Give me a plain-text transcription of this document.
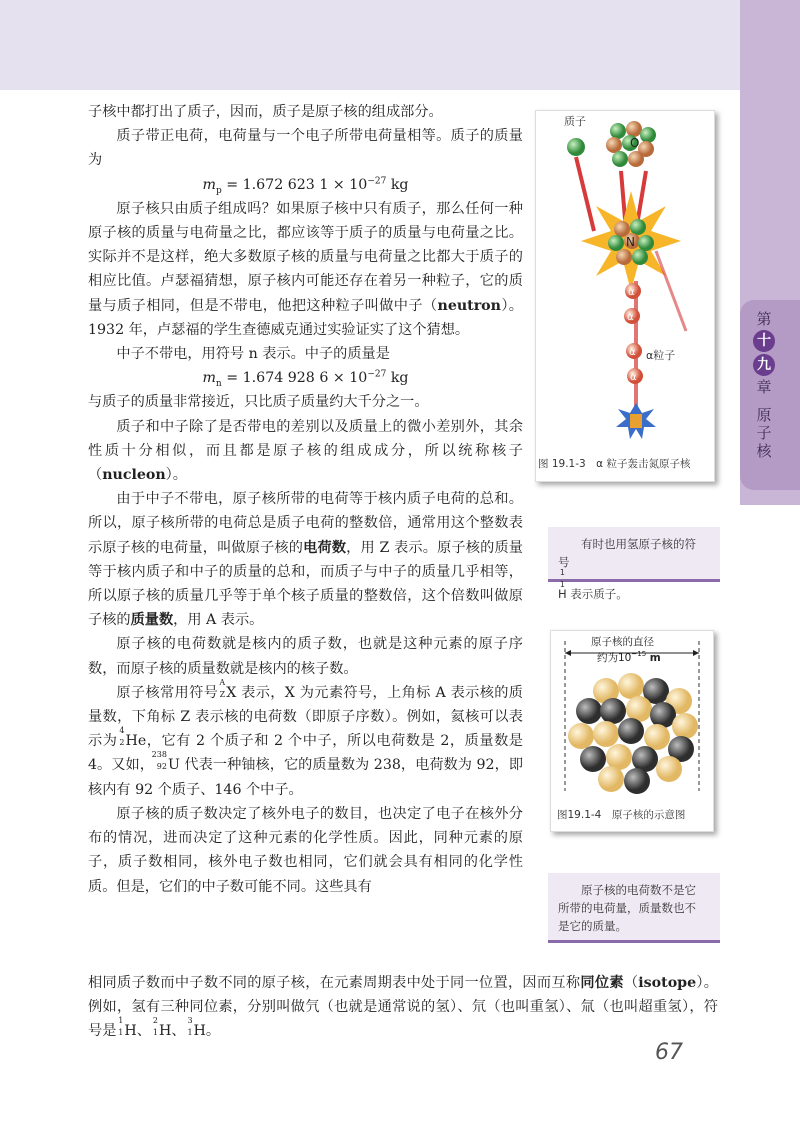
第
十
九
章
原
子
核

子核中都打出了质子，因而，质子是原子核的组成部分。

质子带正电荷，电荷量与一个电子所带电荷量相等。质子的质量为

$m_p = 1.672$ 623 $1 \times 10^{-27}$ kg

原子核只由质子组成吗？如果原子核中只有质子，那么任何一种原子核的质量与电荷量之比，都应该等于质子的质量与电荷量之比。实际并不是这样，绝大多数原子核的质量与电荷量之比都大于质子的相应比值。卢瑟福猜想，原子核内可能还存在着另一种粒子，它的质量与质子相同，但是不带电，他把这种粒子叫做中子（neutron）。1932 年，卢瑟福的学生查德威克通过实验证实了这个猜想。

中子不带电，用符号 n 表示。中子的质量是

$m_n = 1.674$ 928 $6 \times 10^{-27}$ kg

与质子的质量非常接近，只比质子质量约大千分之一。

质子和中子除了是否带电的差别以及质量上的微小差别外，其余性质十分相似，而且都是原子核的组成成分，所以统称核子（nucleon）。

由于中子不带电，原子核所带的电荷等于核内质子电荷的总和。所以，原子核所带的电荷总是质子电荷的整数倍，通常用这个整数表示原子核的电荷量，叫做原子核的电荷数，用 Z 表示。原子核的质量等于核内质子和中子的质量的总和，而质子与中子的质量几乎相等，所以原子核的质量几乎等于单个核子质量的整数倍，这个倍数叫做原子核的质量数，用 A 表示。

原子核的电荷数就是核内的质子数，也就是这种元素的原子序数，而原子核的质量数就是核内的核子数。

原子核常用符号
A
Z X 表示，X 为元素符号，上角标 A 表示核的质量数，下角标 Z 表示核的电荷数（即原子序数）。例如，氦核可以表示为
4
2 He，它有 2 个质子和 2 个中子，所以电荷数是 2，质量数是 4。又如，
238
92 U 代表一种铀核，它的质量数为 238，电荷数为 92，即核内有 92 个质子、146 个中子。

原子核的质子数决定了核外电子的数目，也决定了电子在核外分布的情况，进而决定了这种元素的化学性质。因此，同种元素的原子，质子数相同，核外电子数也相同，它们就会具有相同的化学性质。但是，它们的中子数可能不同。这些具有

相同质子数而中子数不同的原子核，在元素周期表中处于同一位置，因而互称同位素（isotope）。例如，氢有三种同位素，分别叫做氕（也就是通常说的氢）、氘（也叫重氢）、氚（也叫超重氢），符号是
1
1 H、
2
1 H、
3
1 H。

质子
O
N
α
α
α
α
α粒子
图 19.1-3　α 粒子轰击氮原子核
有时也用氢原子核的符
号
1
1
H 表示质子。
原子核的直径
约为$10^{-15}$ m
图19.1-4　原子核的示意图
原子核的电荷数不是它
所带的电荷量，质量数也不
是它的质量。
67
